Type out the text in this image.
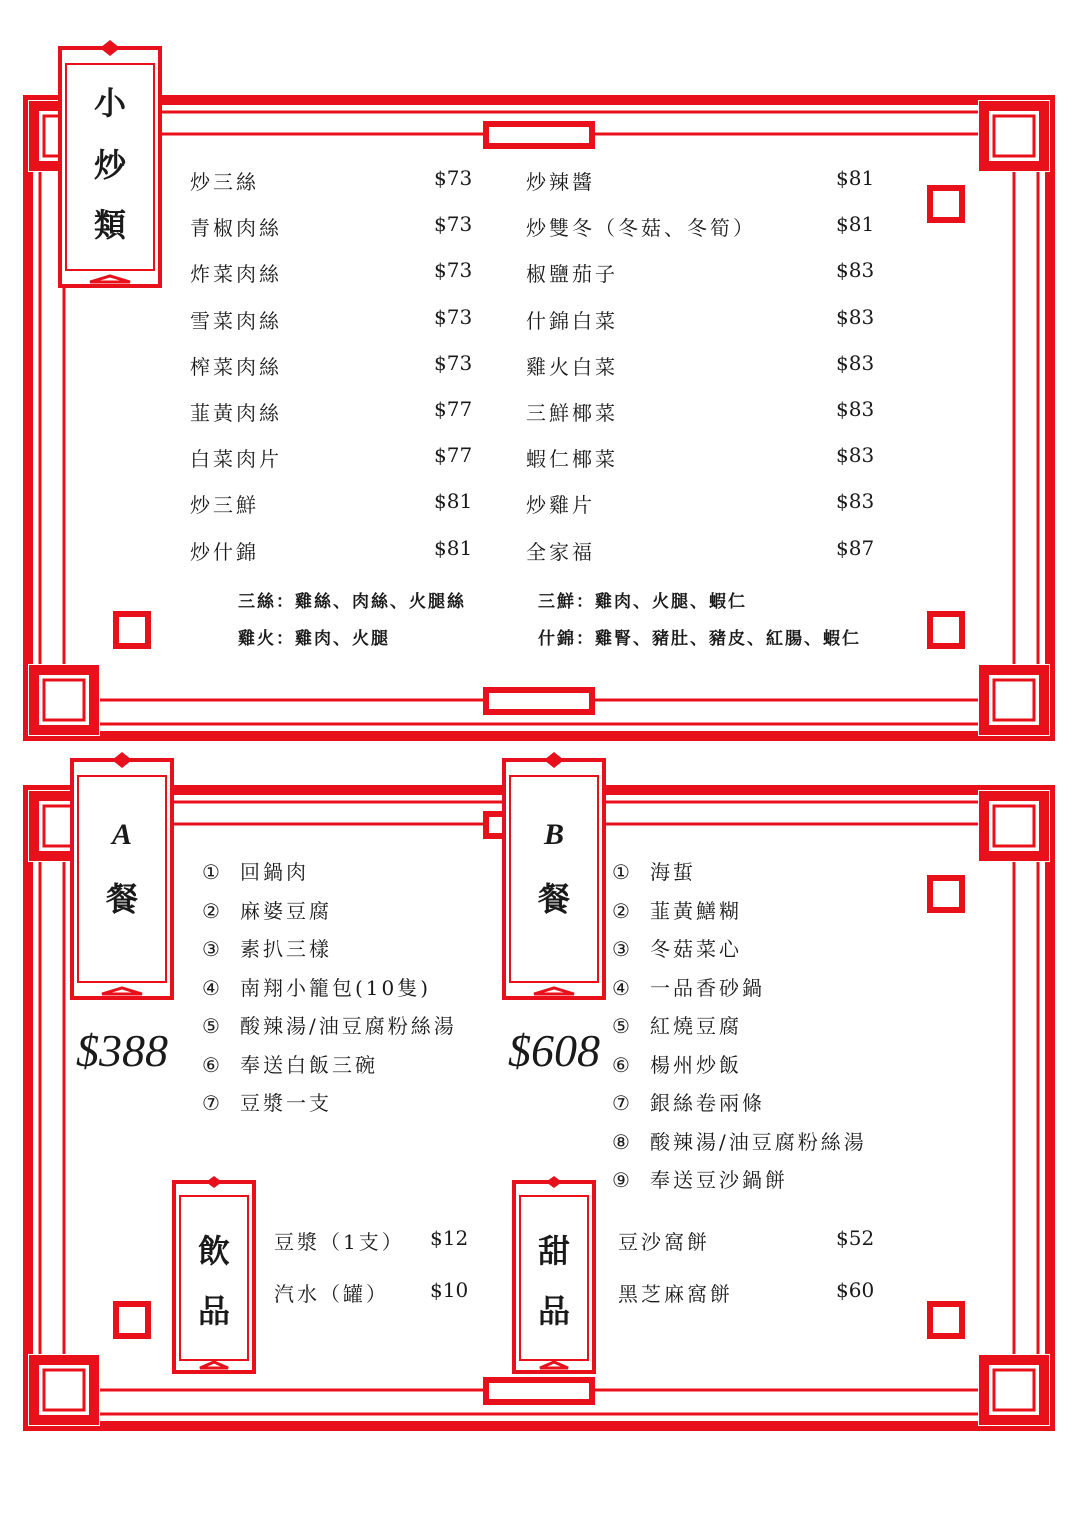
小
炒
類
炒三絲	$73
青椒肉絲	$73
炸菜肉絲	$73
雪菜肉絲	$73
榨菜肉絲	$73
韮黃肉絲	$77
白菜肉片	$77
炒三鮮	$81
炒什錦	$81
炒辣醬	$81
炒雙冬（冬菇、冬筍）	$81
椒鹽茄子	$83
什錦白菜	$83
雞火白菜	$83
三鮮椰菜	$83
蝦仁椰菜	$83
炒雞片	$83
全家福	$87
三絲：雞絲、肉絲、火腿絲
雞火：雞肉、火腿
三鮮：雞肉、火腿、蝦仁
什錦：雞腎、豬肚、豬皮、紅腸、蝦仁
A
餐
$388
① 回鍋肉
② 麻婆豆腐
③ 素扒三樣
④ 南翔小籠包(10隻)
⑤ 酸辣湯/油豆腐粉絲湯
⑥ 奉送白飯三碗
⑦ 豆漿一支
B
餐
$608
① 海蜇
② 韮黃鱔糊
③ 冬菇菜心
④ 一品香砂鍋
⑤ 紅燒豆腐
⑥ 楊州炒飯
⑦ 銀絲卷兩條
⑧ 酸辣湯/油豆腐粉絲湯
⑨ 奉送豆沙鍋餅
飲
品
豆漿（1支） $12
汽水（罐） $10
甜
品
豆沙窩餅	$52
黑芝麻窩餅	$60
